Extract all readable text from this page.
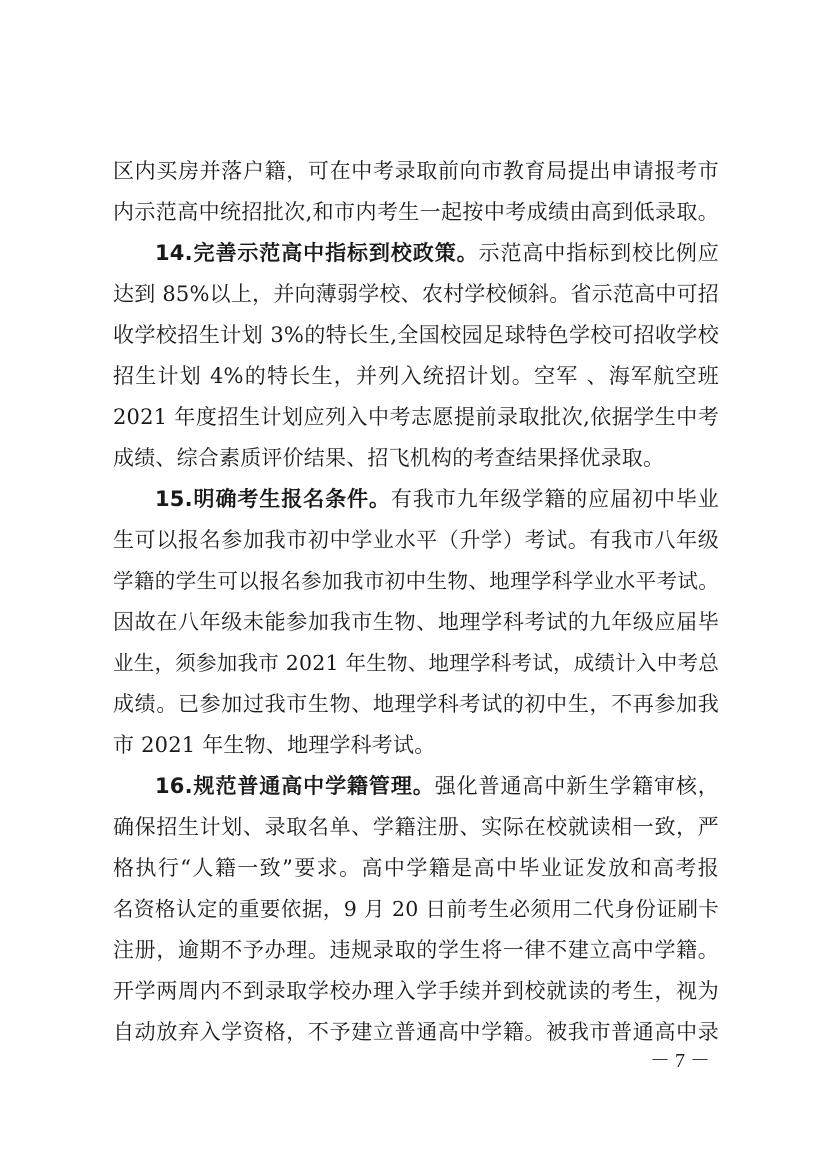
区内买房并落户籍，可在中考录取前向市教育局提出申请报考市
内示范高中统招批次,和市内考生一起按中考成绩由高到低录取。
14.完善示范高中指标到校政策。示范高中指标到校比例应
达到 85%以上，并向薄弱学校、农村学校倾斜。省示范高中可招
收学校招生计划 3%的特长生,全国校园足球特色学校可招收学校
招生计划 4%的特长生，并列入统招计划。空军 、海军航空班
2021 年度招生计划应列入中考志愿提前录取批次,依据学生中考
成绩、综合素质评价结果、招飞机构的考查结果择优录取。
15.明确考生报名条件。有我市九年级学籍的应届初中毕业
生可以报名参加我市初中学业水平（升学）考试。有我市八年级
学籍的学生可以报名参加我市初中生物、地理学科学业水平考试。
因故在八年级未能参加我市生物、地理学科考试的九年级应届毕
业生，须参加我市 2021 年生物、地理学科考试，成绩计入中考总
成绩。已参加过我市生物、地理学科考试的初中生，不再参加我
市 2021 年生物、地理学科考试。
16.规范普通高中学籍管理。强化普通高中新生学籍审核，
确保招生计划、录取名单、学籍注册、实际在校就读相一致，严
格执行“人籍一致”要求。高中学籍是高中毕业证发放和高考报
名资格认定的重要依据，9 月 20 日前考生必须用二代身份证刷卡
注册，逾期不予办理。违规录取的学生将一律不建立高中学籍。
开学两周内不到录取学校办理入学手续并到校就读的考生，视为
自动放弃入学资格，不予建立普通高中学籍。被我市普通高中录
－ 7 －
